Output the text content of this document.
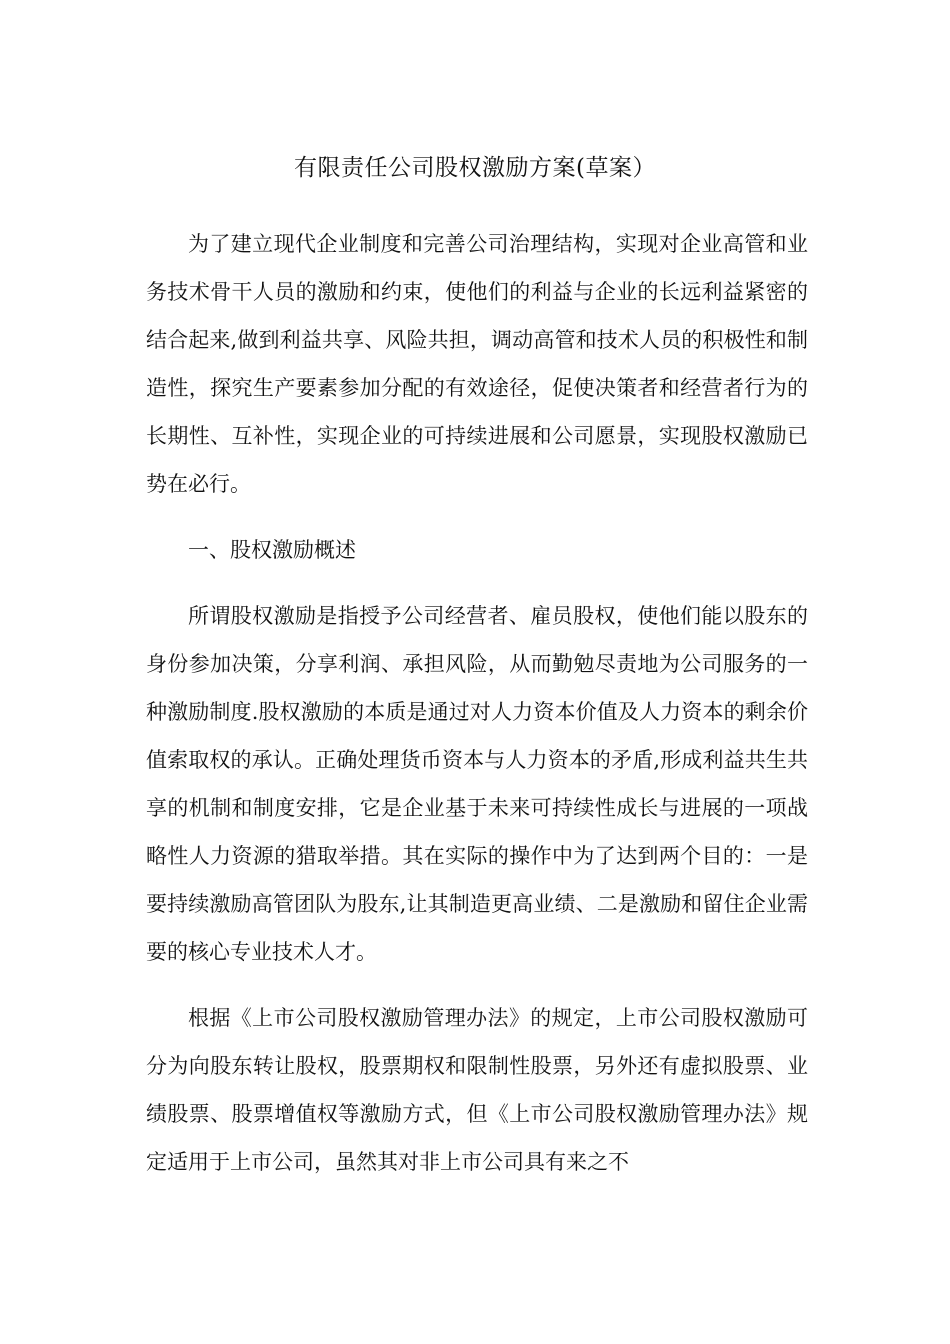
有限责任公司股权激励方案(草案）

为了建立现代企业制度和完善公司治理结构，实现对企业高管和业务技术骨干人员的激励和约束，使他们的利益与企业的长远利益紧密的结合起来,做到利益共享、风险共担，调动高管和技术人员的积极性和制造性，探究生产要素参加分配的有效途径，促使决策者和经营者行为的长期性、互补性，实现企业的可持续进展和公司愿景，实现股权激励已势在必行。

一、股权激励概述

所谓股权激励是指授予公司经营者、雇员股权，使他们能以股东的身份参加决策，分享利润、承担风险，从而勤勉尽责地为公司服务的一种激励制度.股权激励的本质是通过对人力资本价值及人力资本的剩余价值索取权的承认。正确处理货币资本与人力资本的矛盾,形成利益共生共享的机制和制度安排，它是企业基于未来可持续性成长与进展的一项战略性人力资源的猎取举措。其在实际的操作中为了达到两个目的：一是要持续激励高管团队为股东,让其制造更高业绩、二是激励和留住企业需要的核心专业技术人才。

根据《上市公司股权激励管理办法》的规定，上市公司股权激励可分为向股东转让股权，股票期权和限制性股票，另外还有虚拟股票、业绩股票、股票增值权等激励方式，但《上市公司股权激励管理办法》规定适用于上市公司，虽然其对非上市公司具有来之不
